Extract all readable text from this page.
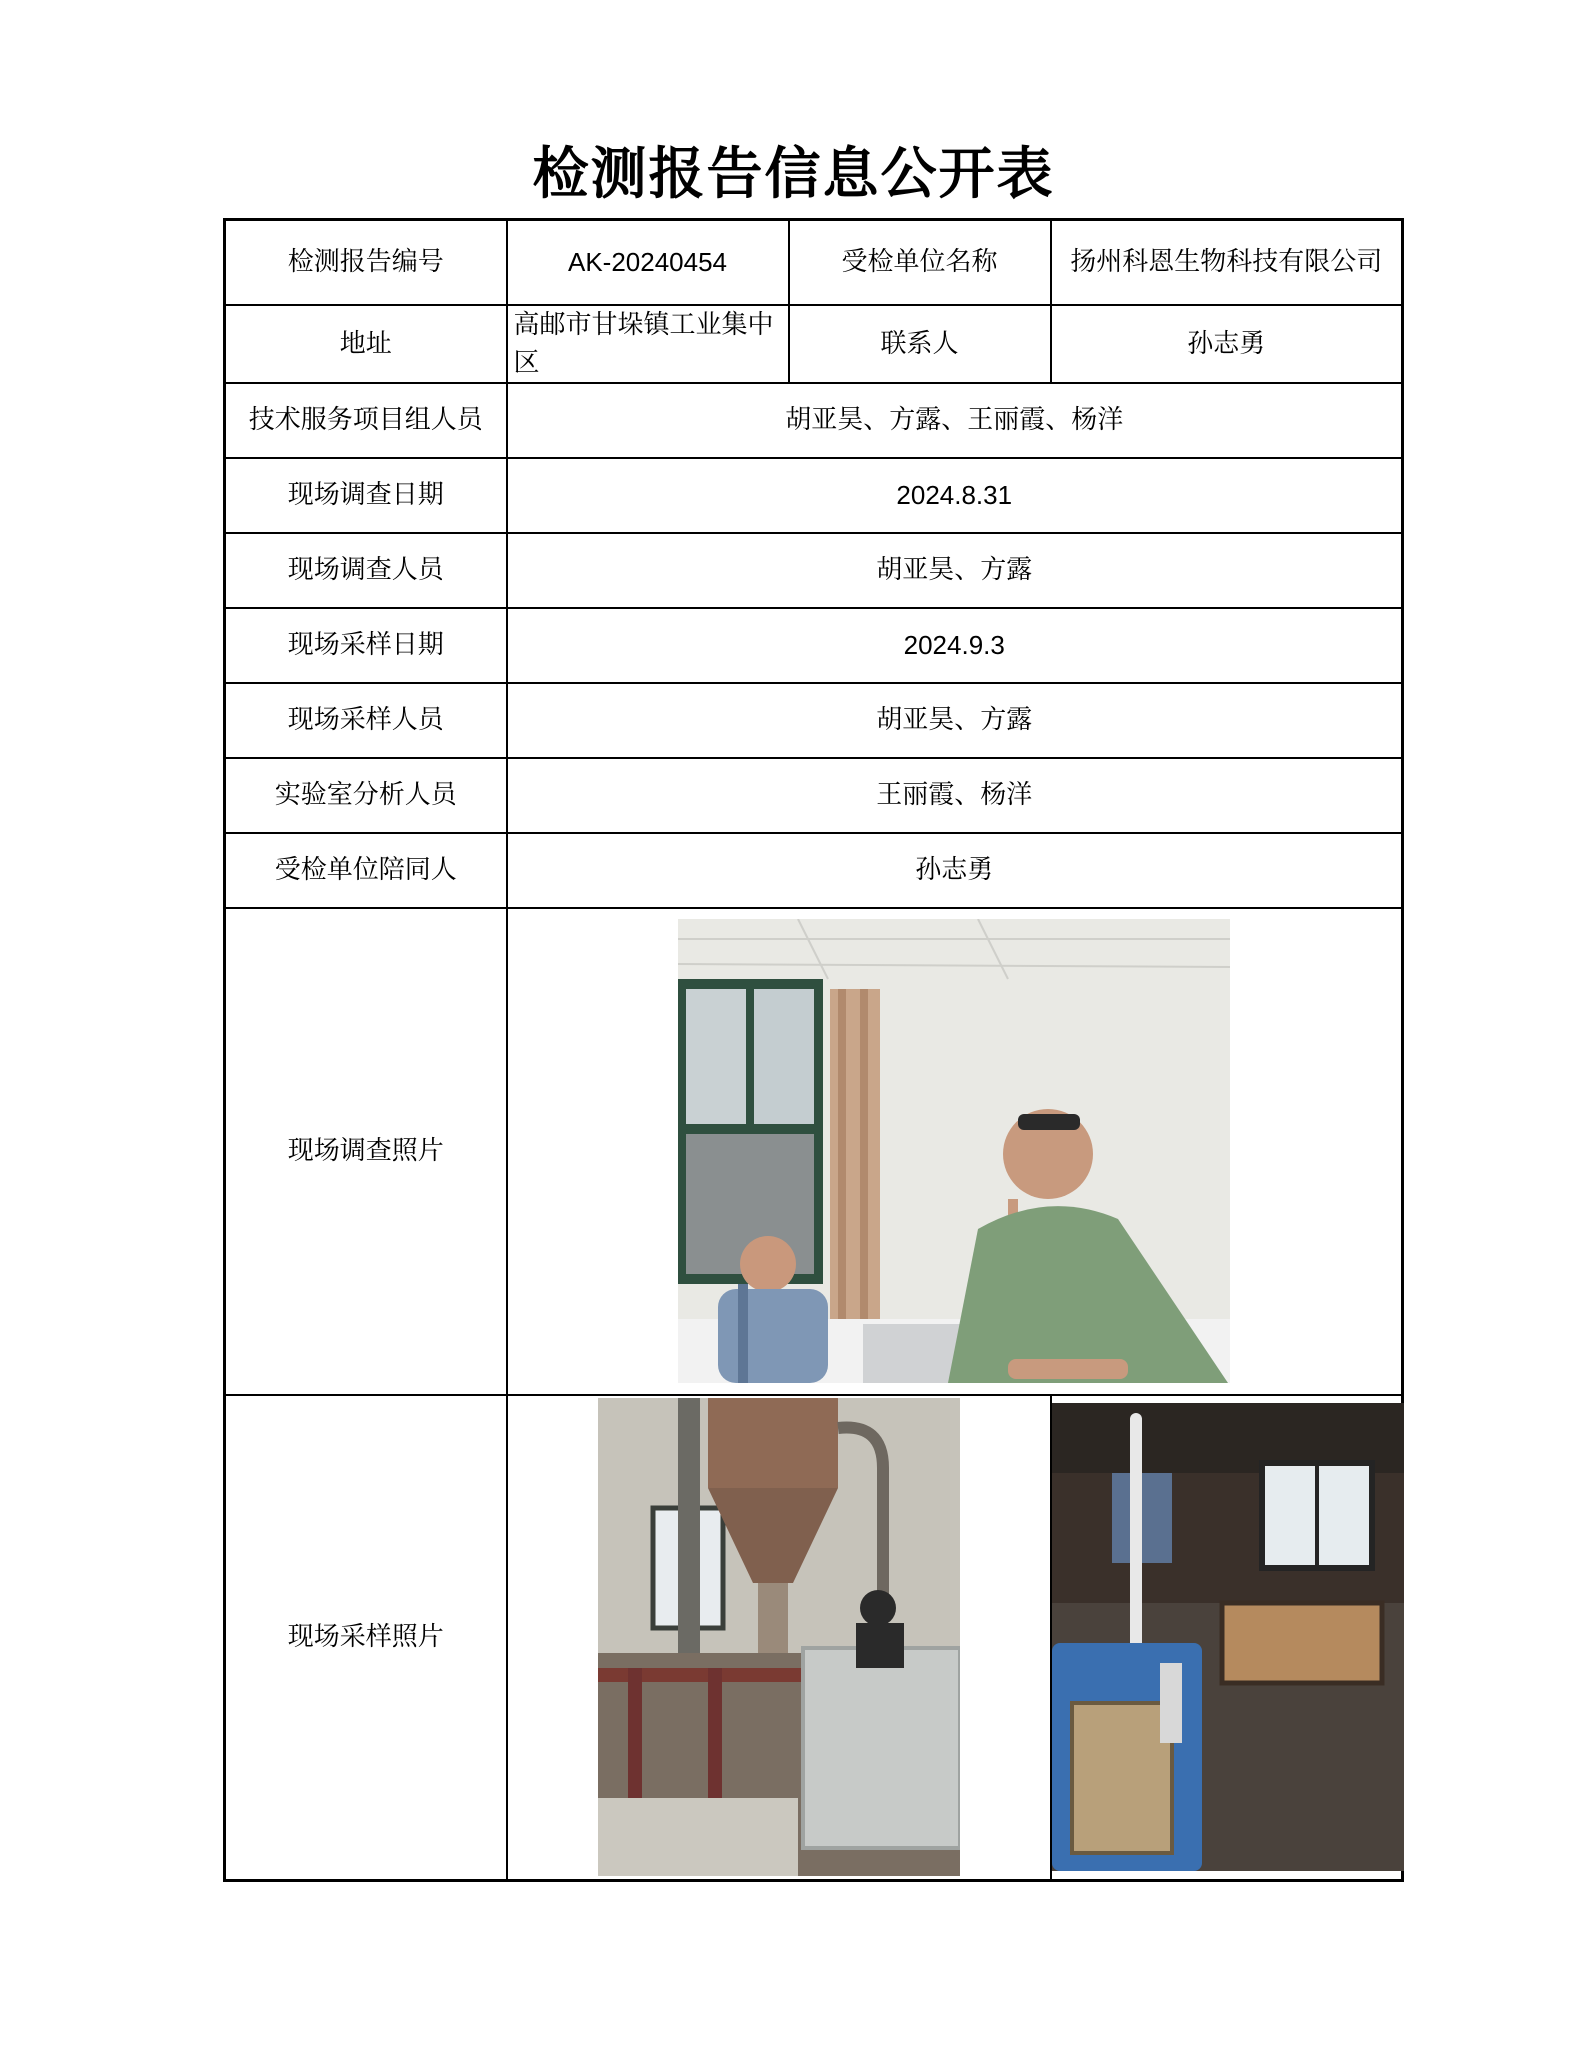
检测报告信息公开表
检测报告编号	AK-20240454	受检单位名称	扬州科恩生物科技有限公司
地址	高邮市甘垛镇工业集中区	联系人	孙志勇
技术服务项目组人员	胡亚昊、方露、王丽霞、杨洋		
现场调查日期	2024.8.31		
现场调查人员	胡亚昊、方露		
现场采样日期	2024.9.3		
现场采样人员	胡亚昊、方露		
实验室分析人员	王丽霞、杨洋		
受检单位陪同人	孙志勇		
现场调查照片	

现场采样照片	
